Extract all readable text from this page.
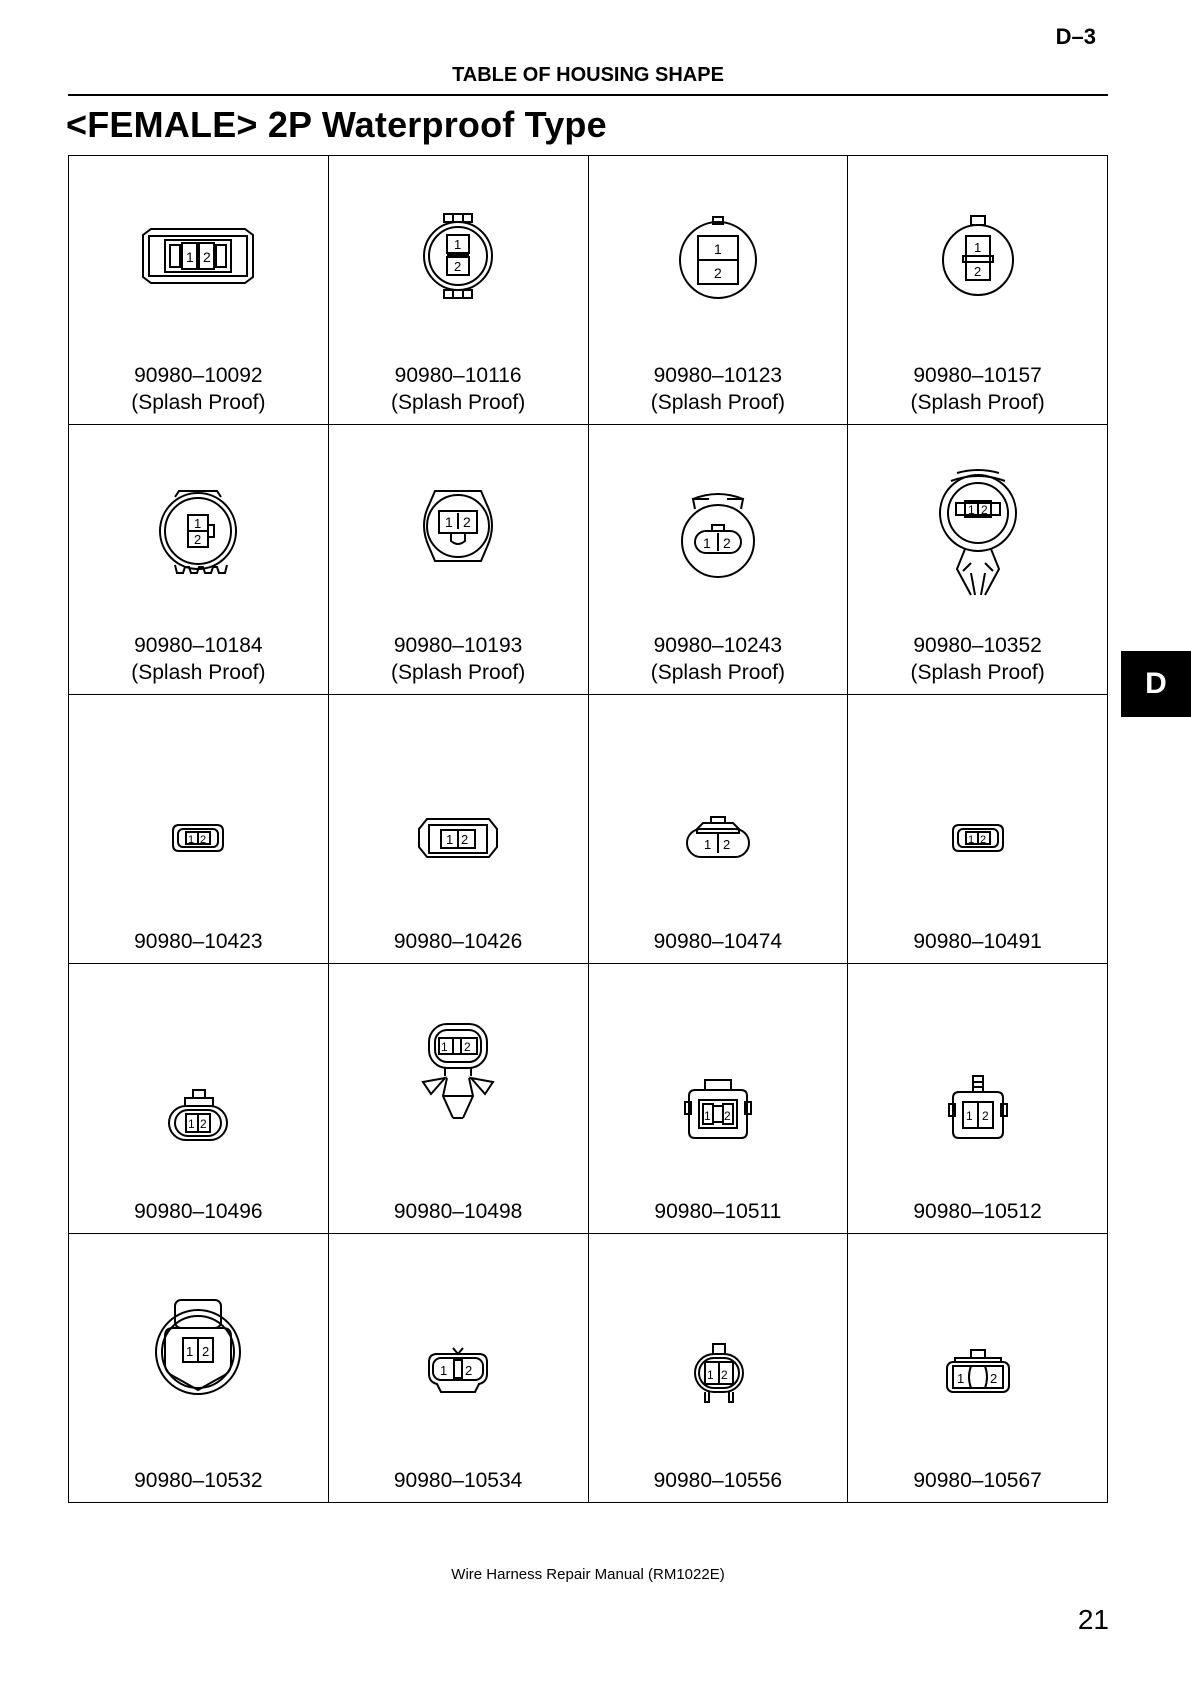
D–3
TABLE OF HOUSING SHAPE
<FEMALE> 2P Waterproof Type
1 2
90980–10092
(Splash Proof)
1
2
90980–10116
(Splash Proof)
1
2
90980–10123
(Splash Proof)
1
2
90980–10157
(Splash Proof)
1
2
90980–10184
(Splash Proof)
1 2
90980–10193
(Splash Proof)
1 2
90980–10243
(Splash Proof)
1 2
90980–10352
(Splash Proof)
1 2
90980–10423
1 2
90980–10426
1 2
90980–10474
1 2
90980–10491
1 2
90980–10496
1 2
90980–10498
1 2
90980–10511
1 2
90980–10512
1 2
90980–10532
1 2
90980–10534
1 2
90980–10556
1 2
90980–10567
D
Wire Harness Repair Manual (RM1022E)
21
